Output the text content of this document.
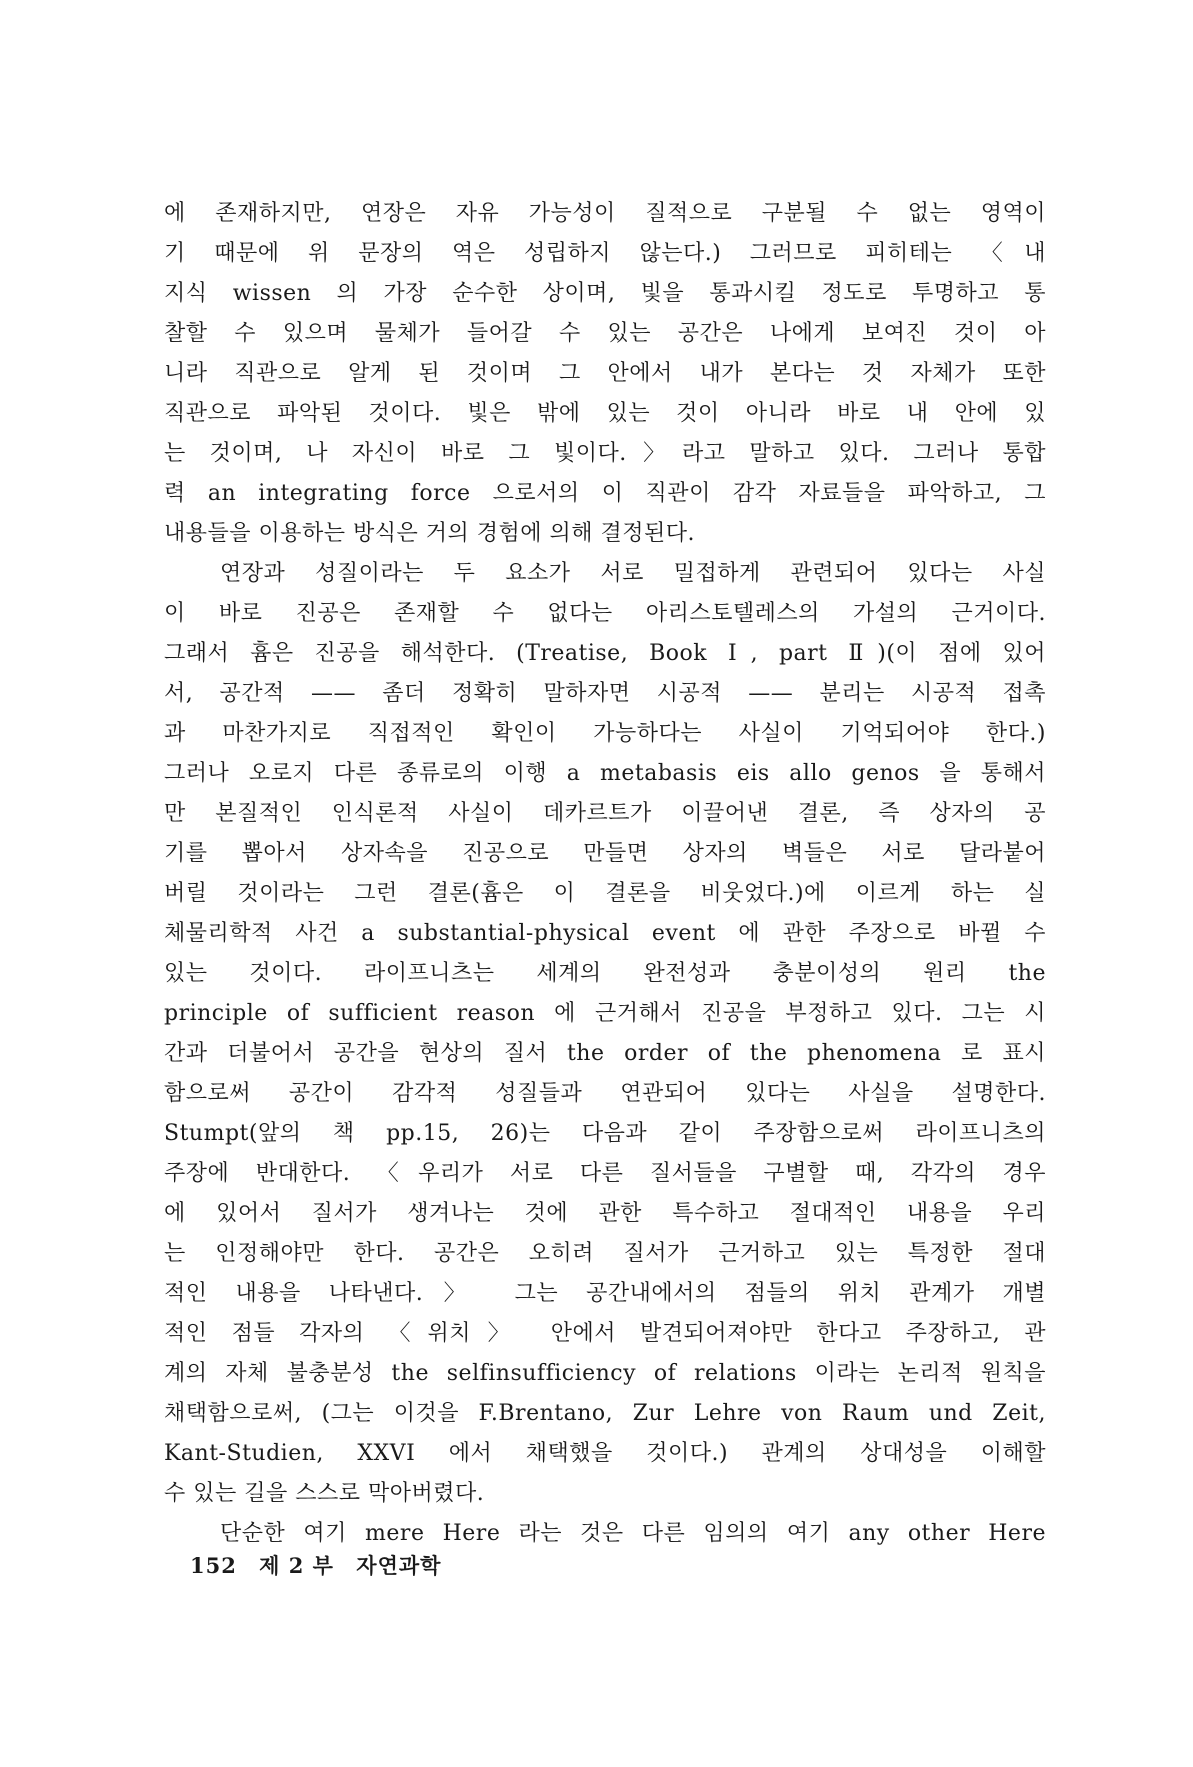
에 존재하지만, 연장은 자유 가능성이 질적으로 구분될 수 없는 영역이
기 때문에 위 문장의 역은 성립하지 않는다.) 그러므로 피히테는 〈내
지식 wissen 의 가장 순수한 상이며, 빛을 통과시킬 정도로 투명하고 통
찰할 수 있으며 물체가 들어갈 수 있는 공간은 나에게 보여진 것이 아
니라 직관으로 알게 된 것이며 그 안에서 내가 본다는 것 자체가 또한
직관으로 파악된 것이다. 빛은 밖에 있는 것이 아니라 바로 내 안에 있
는 것이며, 나 자신이 바로 그 빛이다.〉라고 말하고 있다. 그러나 통합
력 an integrating force 으로서의 이 직관이 감각 자료들을 파악하고, 그
내용들을 이용하는 방식은 거의 경험에 의해 결정된다.
연장과 성질이라는 두 요소가 서로 밀접하게 관련되어 있다는 사실
이 바로 진공은 존재할 수 없다는 아리스토텔레스의 가설의 근거이다.
그래서 흄은 진공을 해석한다. (Treatise, Book Ⅰ, part Ⅱ)(이 점에 있어
서, 공간적 —— 좀더 정확히 말하자면 시공적 —— 분리는 시공적 접촉
과 마찬가지로 직접적인 확인이 가능하다는 사실이 기억되어야 한다.)
그러나 오로지 다른 종류로의 이행 a metabasis eis allo genos 을 통해서
만 본질적인 인식론적 사실이 데카르트가 이끌어낸 결론, 즉 상자의 공
기를 뽑아서 상자속을 진공으로 만들면 상자의 벽들은 서로 달라붙어
버릴 것이라는 그런 결론(흄은 이 결론을 비웃었다.)에 이르게 하는 실
체물리학적 사건 a substantial-physical event 에 관한 주장으로 바뀔 수
있는 것이다. 라이프니츠는 세계의 완전성과 충분이성의 원리 the
principle of sufficient reason 에 근거해서 진공을 부정하고 있다. 그는 시
간과 더불어서 공간을 현상의 질서 the order of the phenomena 로 표시
함으로써 공간이 감각적 성질들과 연관되어 있다는 사실을 설명한다.
Stumpt(앞의 책 pp.15, 26)는 다음과 같이 주장함으로써 라이프니츠의
주장에 반대한다. 〈우리가 서로 다른 질서들을 구별할 때, 각각의 경우
에 있어서 질서가 생겨나는 것에 관한 특수하고 절대적인 내용을 우리
는 인정해야만 한다. 공간은 오히려 질서가 근거하고 있는 특정한 절대
적인 내용을 나타낸다.〉 그는 공간내에서의 점들의 위치 관계가 개별
적인 점들 각자의 〈위치〉 안에서 발견되어져야만 한다고 주장하고, 관
계의 자체 불충분성 the selfinsufficiency of relations 이라는 논리적 원칙을
채택함으로써, (그는 이것을 F.Brentano, Zur Lehre von Raum und Zeit,
Kant-Studien, XXVI 에서 채택했을 것이다.) 관계의 상대성을 이해할
수 있는 길을 스스로 막아버렸다.
단순한 여기 mere Here 라는 것은 다른 임의의 여기 any other Here
152 제 2 부 자연과학
